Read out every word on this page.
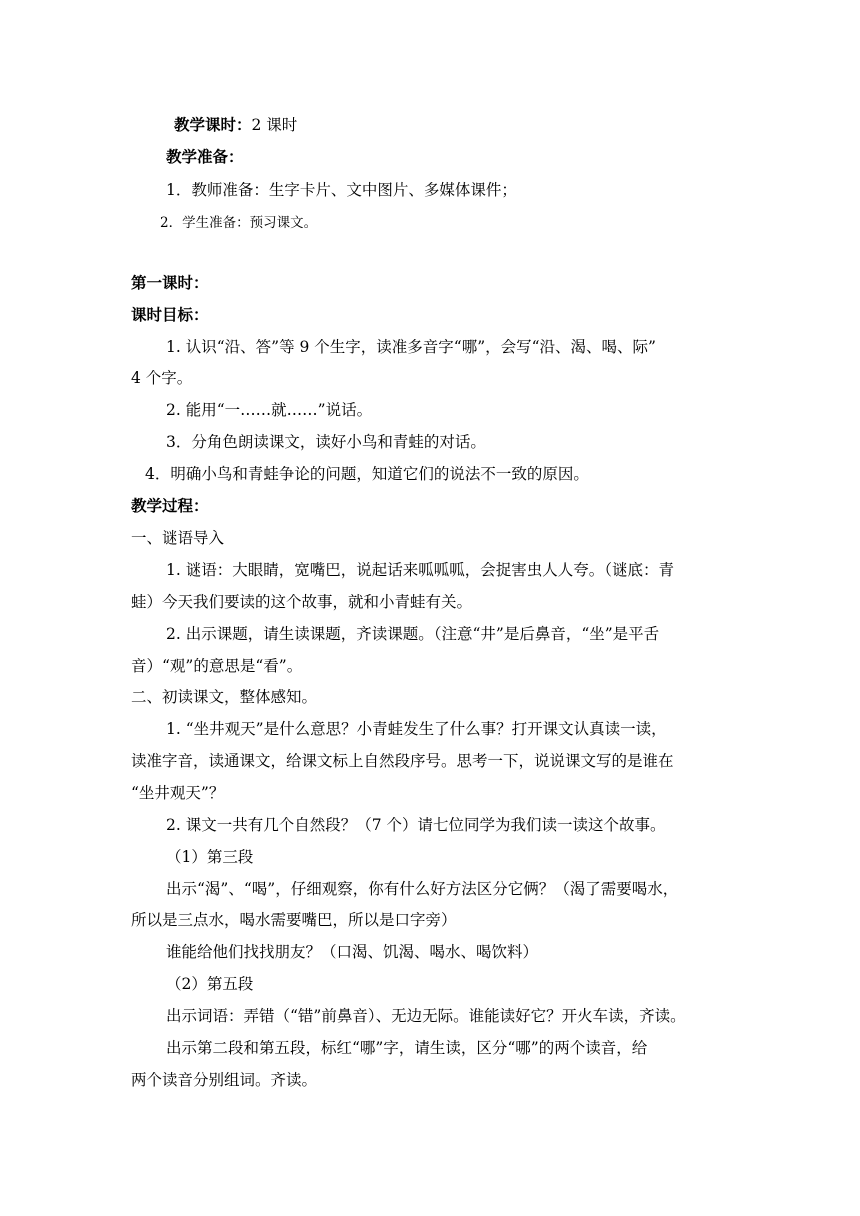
教学课时：2 课时
教学准备：
1．教师准备：生字卡片、文中图片、多媒体课件；
2．学生准备：预习课文。
第一课时：
课时目标：
1. 认识“沿、答”等 9 个生字，读准多音字“哪”，会写“沿、渴、喝、际”
4 个字。
2. 能用“一……就……”说话。
3．分角色朗读课文，读好小鸟和青蛙的对话。
4．明确小鸟和青蛙争论的问题，知道它们的说法不一致的原因。
教学过程：
一、谜语导入
1. 谜语：大眼睛，宽嘴巴，说起话来呱呱呱，会捉害虫人人夸。（谜底：青
蛙）今天我们要读的这个故事，就和小青蛙有关。
2. 出示课题，请生读课题，齐读课题。（注意“井”是后鼻音，“坐”是平舌
音）“观”的意思是“看”。
二、初读课文，整体感知。
1. “坐井观天”是什么意思？小青蛙发生了什么事？打开课文认真读一读，
读准字音，读通课文，给课文标上自然段序号。思考一下，说说课文写的是谁在
“坐井观天”？
2. 课文一共有几个自然段？（7 个）请七位同学为我们读一读这个故事。
（1）第三段
出示“渴”、“喝”，仔细观察，你有什么好方法区分它俩？（渴了需要喝水，
所以是三点水，喝水需要嘴巴，所以是口字旁）
谁能给他们找找朋友？（口渴、饥渴、喝水、喝饮料）
（2）第五段
出示词语：弄错（“错”前鼻音）、无边无际。谁能读好它？开火车读，齐读。
出示第二段和第五段，标红“哪”字，请生读，区分“哪”的两个读音，给
两个读音分别组词。齐读。
